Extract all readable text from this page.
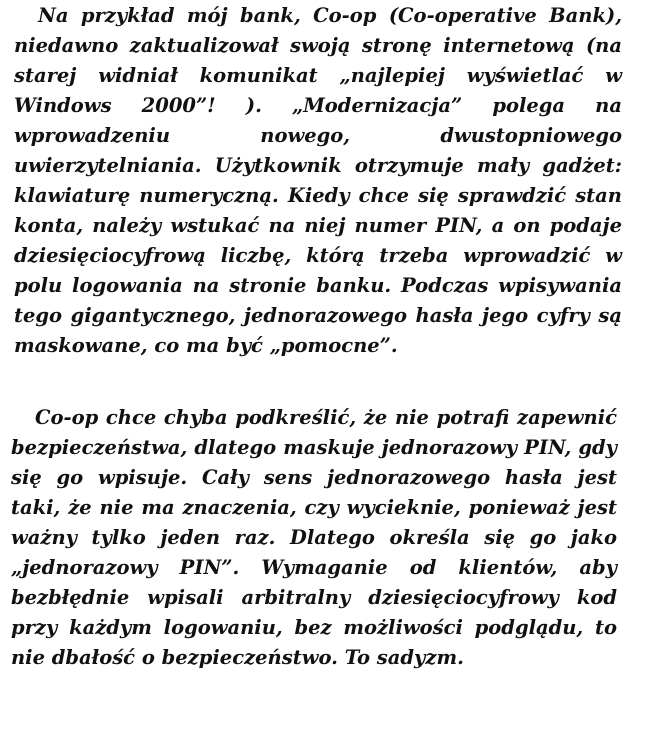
Na przykład mój bank, Co-op (Co-operative Bank), niedawno zaktualizował swoją stronę internetową (na starej widniał komunikat „najlepiej wyświetlać w Windows 2000”! ). „Modernizacja” polega na wprowadzeniu nowego, dwustopniowego uwierzytelniania. Użytkownik otrzymuje mały gadżet: klawiaturę numeryczną. Kiedy chce się sprawdzić stan konta, należy wstukać na niej numer PIN, a on podaje dziesięciocyfrową liczbę, którą trzeba wprowadzić w polu logowania na stronie banku. Podczas wpisywania tego gigantycznego, jednorazowego hasła jego cyfry są maskowane, co ma być „pomocne”.

Co-op chce chyba podkreślić, że nie potrafi zapewnić bezpieczeństwa, dlatego maskuje jednorazowy PIN, gdy się go wpisuje. Cały sens jednorazowego hasła jest taki, że nie ma znaczenia, czy wycieknie, ponieważ jest ważny tylko jeden raz. Dlatego określa się go jako „jednorazowy PIN”. Wymaganie od klientów, aby bezbłędnie wpisali arbitralny dziesięciocyfrowy kod przy każdym logowaniu, bez możliwości podglądu, to nie dbałość o bezpieczeństwo. To sadyzm.
